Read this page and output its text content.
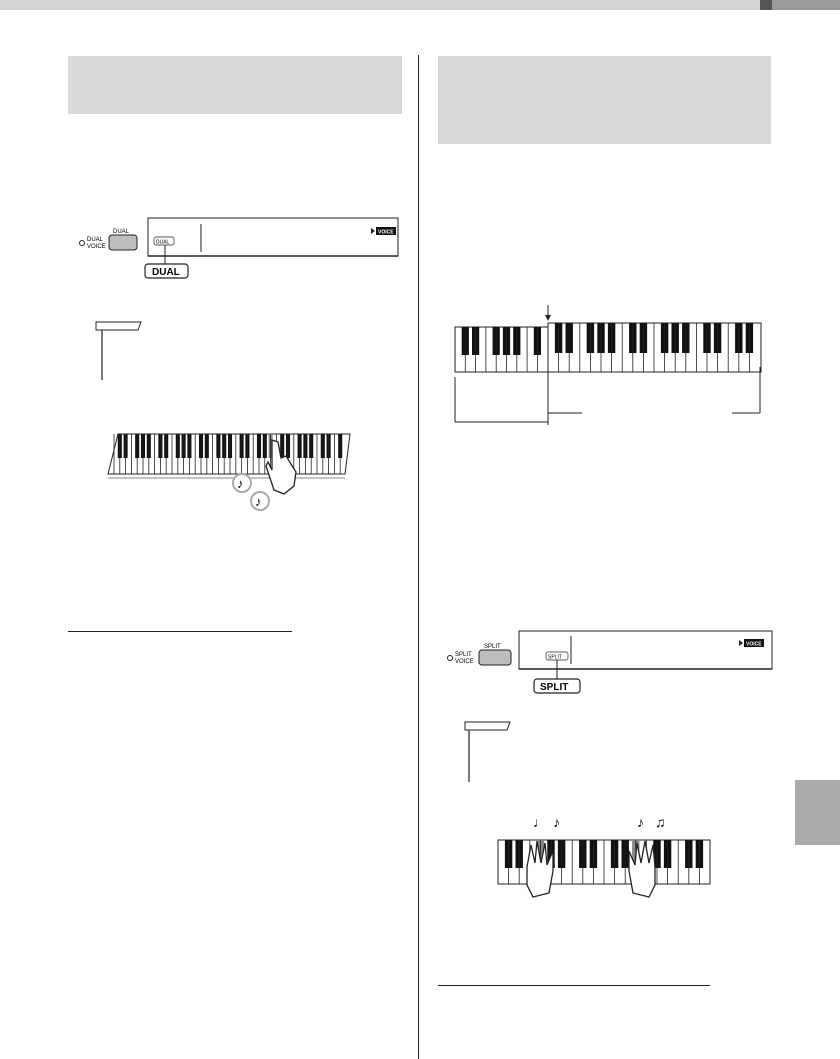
DUAL
VOICE
DUAL
DUAL
VOICE
DUAL
♪
♪
SPLIT
VOICE
SPLIT
SPLIT
VOICE
SPLIT
♩ ♪	♪ ♫
